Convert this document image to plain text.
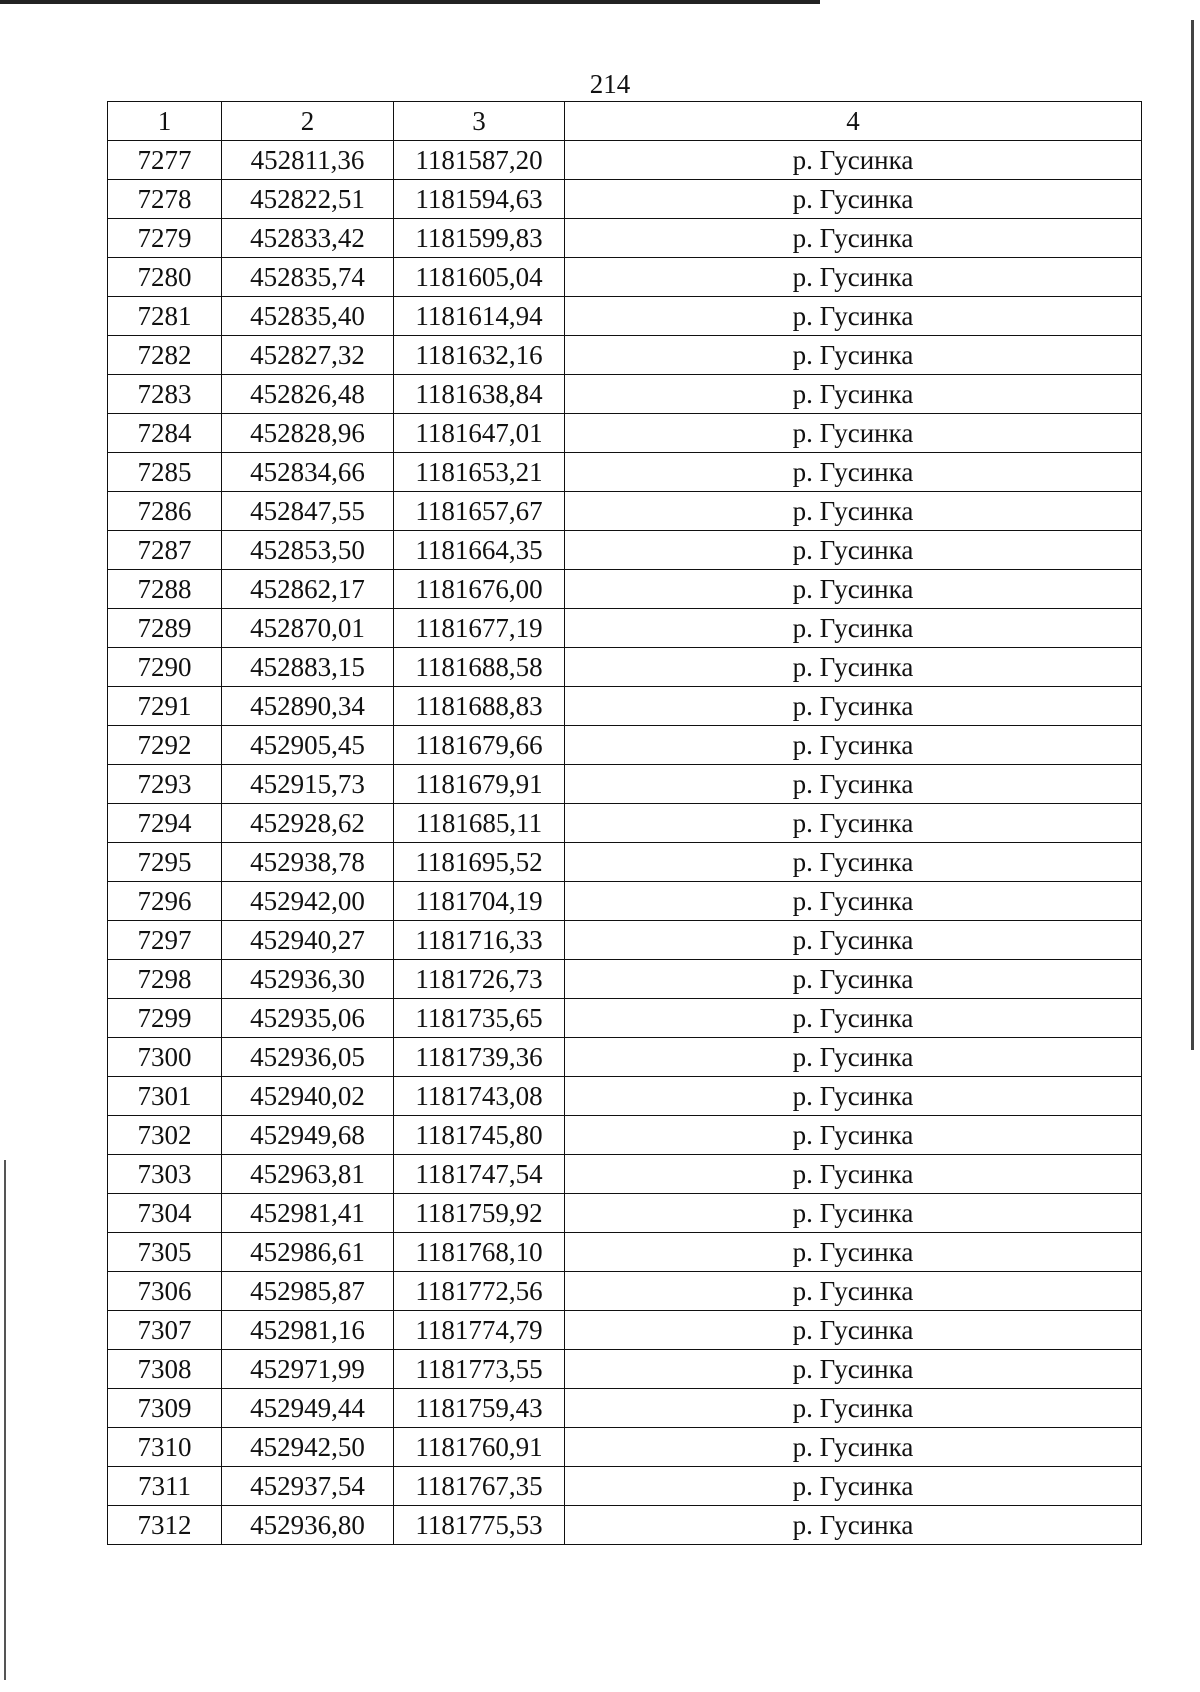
214
1	2	3	4
7277	452811,36	1181587,20	р. Гусинка
7278	452822,51	1181594,63	р. Гусинка
7279	452833,42	1181599,83	р. Гусинка
7280	452835,74	1181605,04	р. Гусинка
7281	452835,40	1181614,94	р. Гусинка
7282	452827,32	1181632,16	р. Гусинка
7283	452826,48	1181638,84	р. Гусинка
7284	452828,96	1181647,01	р. Гусинка
7285	452834,66	1181653,21	р. Гусинка
7286	452847,55	1181657,67	р. Гусинка
7287	452853,50	1181664,35	р. Гусинка
7288	452862,17	1181676,00	р. Гусинка
7289	452870,01	1181677,19	р. Гусинка
7290	452883,15	1181688,58	р. Гусинка
7291	452890,34	1181688,83	р. Гусинка
7292	452905,45	1181679,66	р. Гусинка
7293	452915,73	1181679,91	р. Гусинка
7294	452928,62	1181685,11	р. Гусинка
7295	452938,78	1181695,52	р. Гусинка
7296	452942,00	1181704,19	р. Гусинка
7297	452940,27	1181716,33	р. Гусинка
7298	452936,30	1181726,73	р. Гусинка
7299	452935,06	1181735,65	р. Гусинка
7300	452936,05	1181739,36	р. Гусинка
7301	452940,02	1181743,08	р. Гусинка
7302	452949,68	1181745,80	р. Гусинка
7303	452963,81	1181747,54	р. Гусинка
7304	452981,41	1181759,92	р. Гусинка
7305	452986,61	1181768,10	р. Гусинка
7306	452985,87	1181772,56	р. Гусинка
7307	452981,16	1181774,79	р. Гусинка
7308	452971,99	1181773,55	р. Гусинка
7309	452949,44	1181759,43	р. Гусинка
7310	452942,50	1181760,91	р. Гусинка
7311	452937,54	1181767,35	р. Гусинка
7312	452936,80	1181775,53	р. Гусинка
